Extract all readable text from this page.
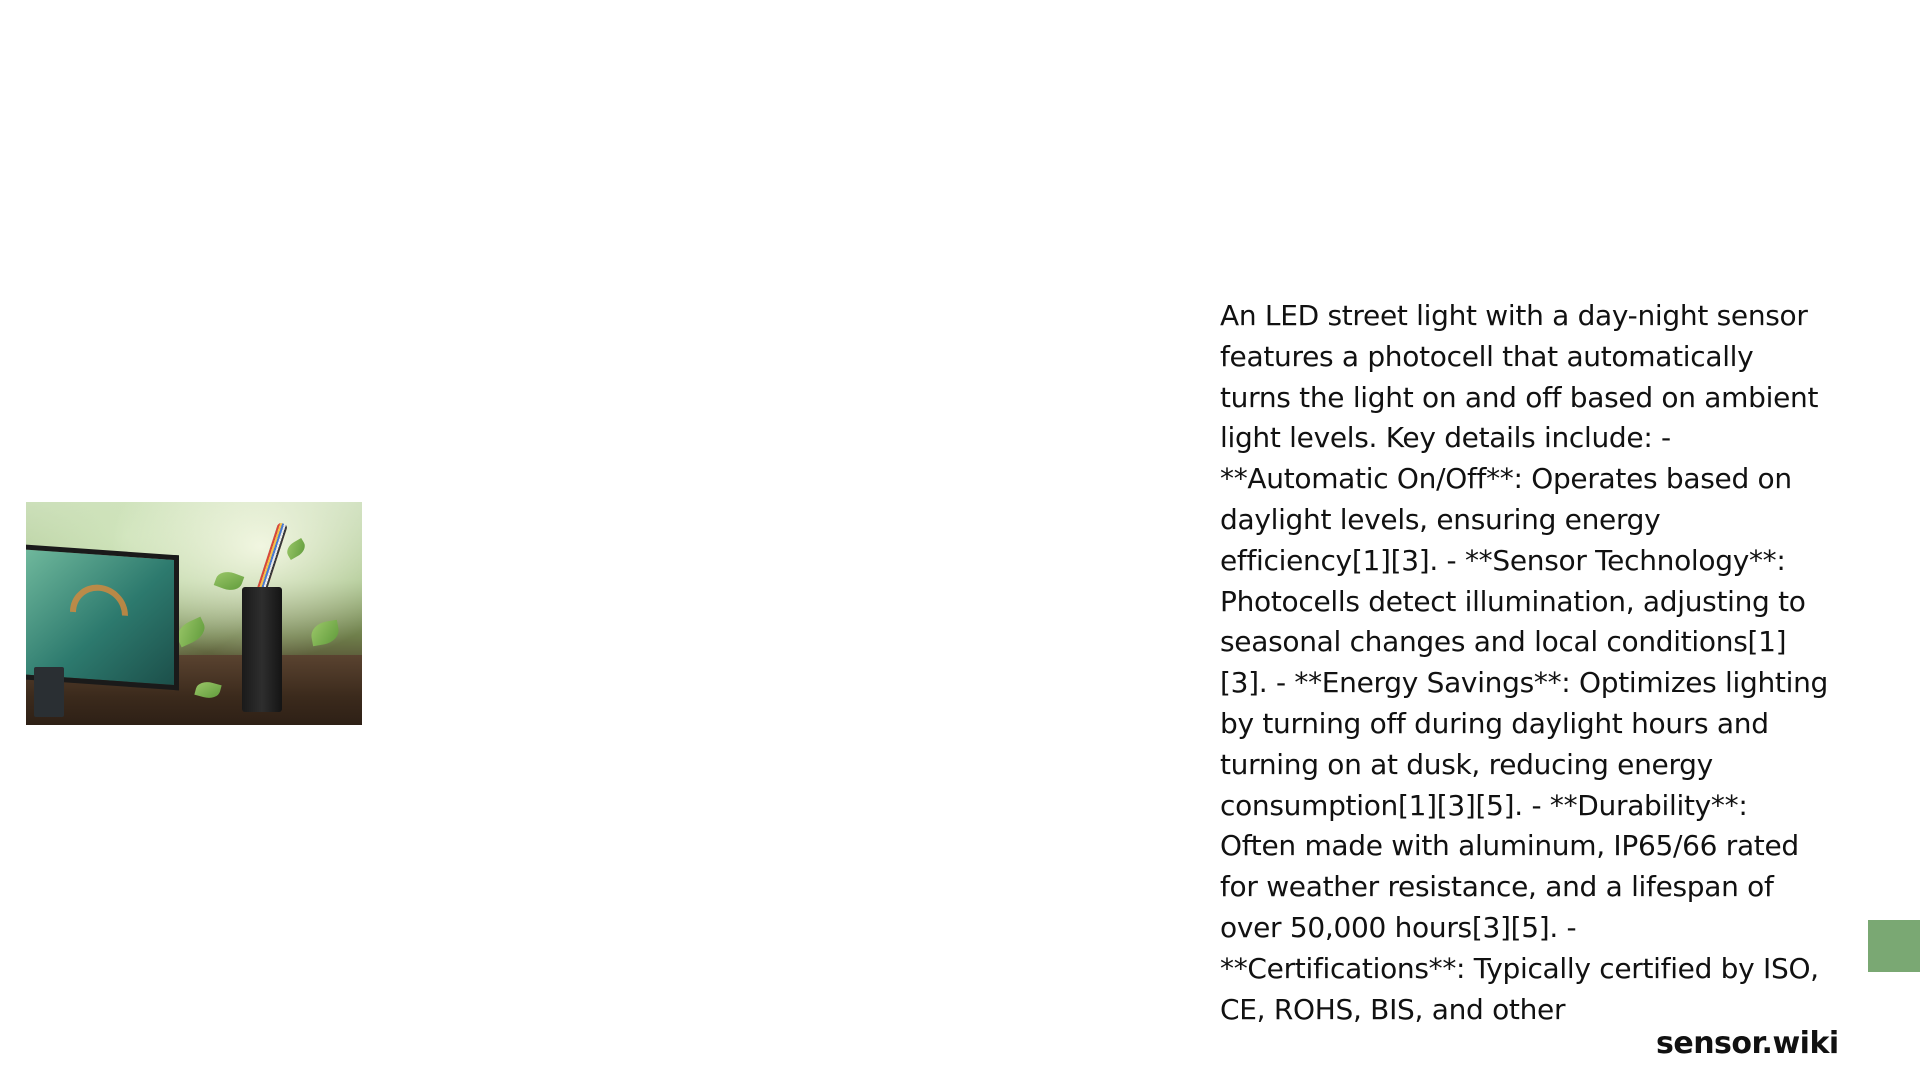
An LED street light with a day-night sensor features a photocell that automatically turns the light on and off based on ambient light levels. Key details include: - **Automatic On/Off**: Operates based on daylight levels, ensuring energy efficiency[1][3]. - **Sensor Technology**: Photocells detect illumination, adjusting to seasonal changes and local conditions[1][3]. - **Energy Savings**: Optimizes lighting by turning off during daylight hours and turning on at dusk, reducing energy consumption[1][3][5]. - **Durability**: Often made with aluminum, IP65/66 rated for weather resistance, and a lifespan of over 50,000 hours[3][5]. - **Certifications**: Typically certified by ISO, CE, ROHS, BIS, and other

sensor.wiki
